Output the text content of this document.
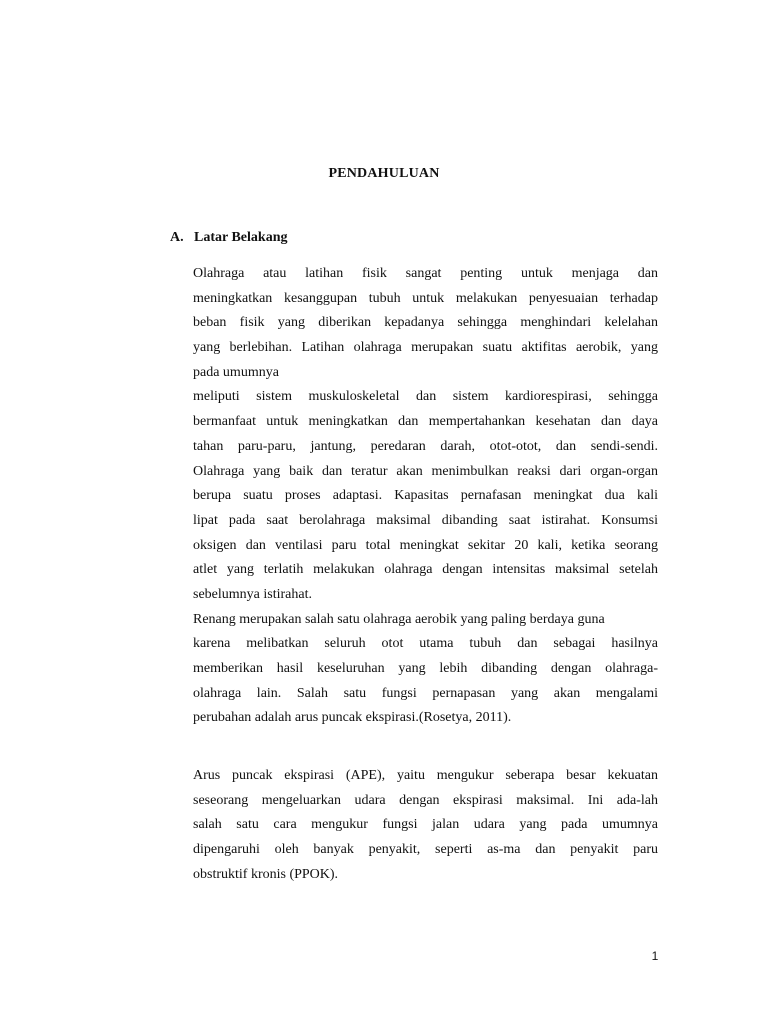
PENDAHULUAN
A. Latar Belakang
Olahraga atau latihan fisik sangat penting untuk menjaga dan
meningkatkan kesanggupan tubuh untuk melakukan penyesuaian terhadap
beban fisik yang diberikan kepadanya sehingga menghindari kelelahan
yang berlebihan. Latihan olahraga merupakan suatu aktifitas aerobik, yang
pada umumnya
meliputi sistem muskuloskeletal dan sistem kardiorespirasi, sehingga
bermanfaat untuk meningkatkan dan mempertahankan kesehatan dan daya
tahan paru-paru, jantung, peredaran darah, otot-otot, dan sendi-sendi.
Olahraga yang baik dan teratur akan menimbulkan reaksi dari organ-organ
berupa suatu proses adaptasi. Kapasitas pernafasan meningkat dua kali
lipat pada saat berolahraga maksimal dibanding saat istirahat. Konsumsi
oksigen dan ventilasi paru total meningkat sekitar 20 kali, ketika seorang
atlet yang terlatih melakukan olahraga dengan intensitas maksimal setelah
sebelumnya istirahat.
Renang merupakan salah satu olahraga aerobik yang paling berdaya guna
karena melibatkan seluruh otot utama tubuh dan sebagai hasilnya
memberikan hasil keseluruhan yang lebih dibanding dengan olahraga-
olahraga lain. Salah satu fungsi pernapasan yang akan mengalami
perubahan adalah arus puncak ekspirasi.(Rosetya, 2011).
Arus puncak ekspirasi (APE), yaitu mengukur seberapa besar kekuatan
seseorang mengeluarkan udara dengan ekspirasi maksimal. Ini ada-lah
salah satu cara mengukur fungsi jalan udara yang pada umumnya
dipengaruhi oleh banyak penyakit, seperti as-ma dan penyakit paru
obstruktif kronis (PPOK).
1
